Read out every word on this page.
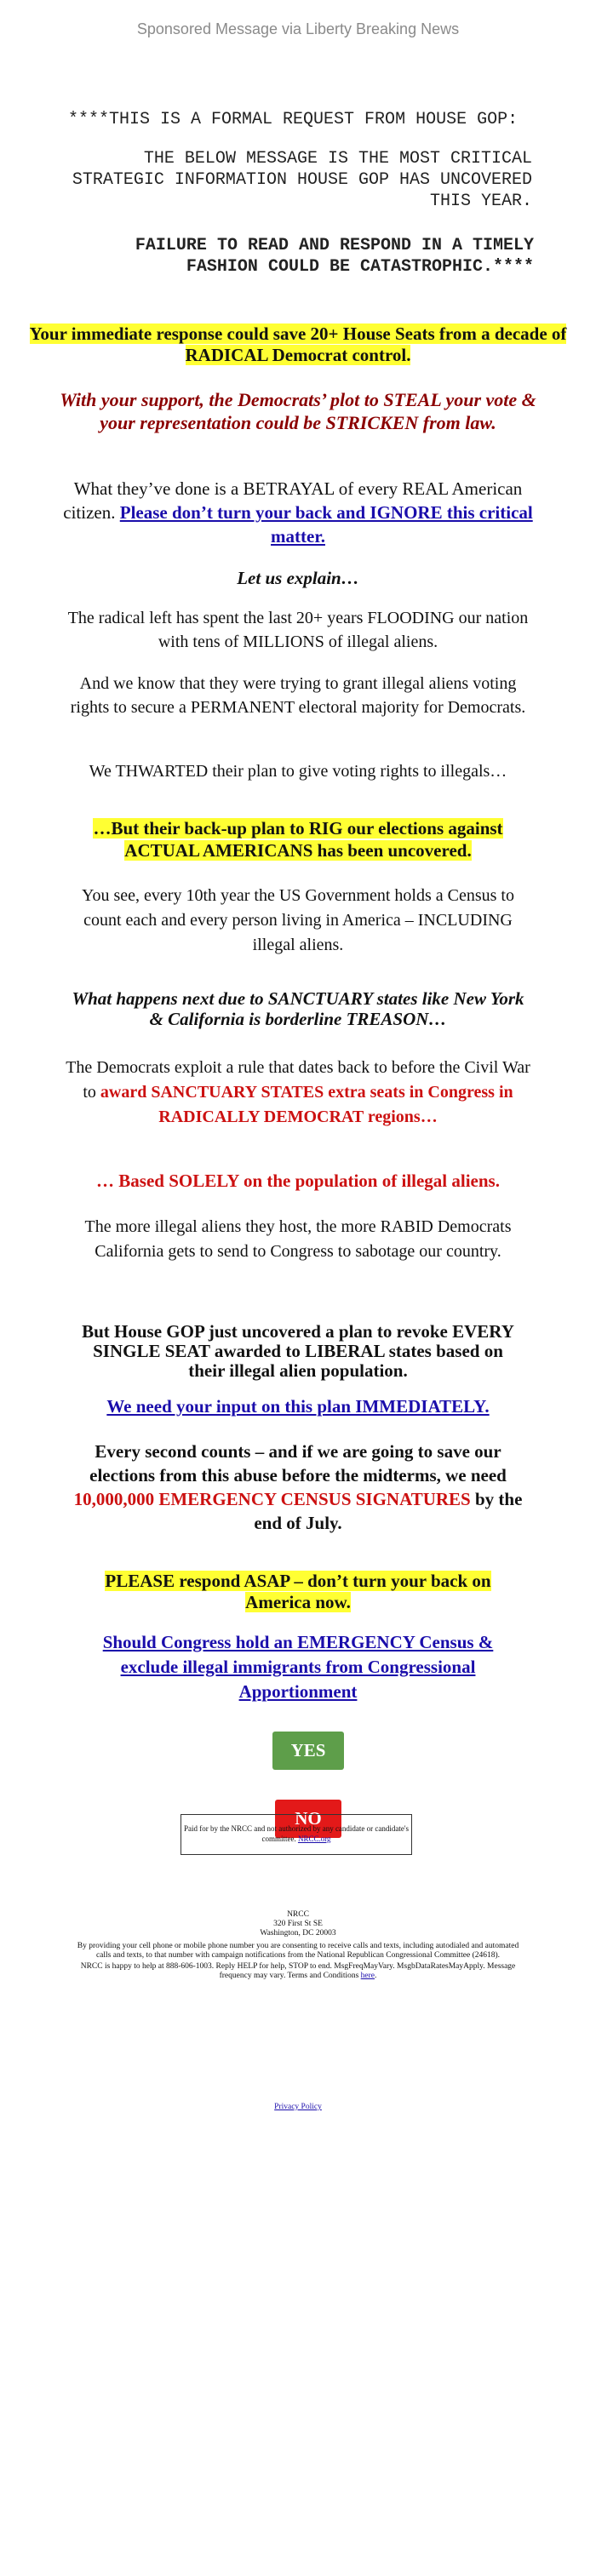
Sponsored Message via Liberty Breaking News
****THIS IS A FORMAL REQUEST FROM HOUSE GOP:
THE BELOW MESSAGE IS THE MOST CRITICAL STRATEGIC INFORMATION HOUSE GOP HAS UNCOVERED THIS YEAR.
FAILURE TO READ AND RESPOND IN A TIMELY FASHION COULD BE CATASTROPHIC.****
Your immediate response could save 20+ House Seats from a decade of RADICAL Democrat control.
With your support, the Democrats’ plot to STEAL your vote & your representation could be STRICKEN from law.
What they’ve done is a BETRAYAL of every REAL American citizen. Please don’t turn your back and IGNORE this critical matter.
Let us explain…
The radical left has spent the last 20+ years FLOODING our nation with tens of MILLIONS of illegal aliens.
And we know that they were trying to grant illegal aliens voting rights to secure a PERMANENT electoral majority for Democrats.
We THWARTED their plan to give voting rights to illegals…
…But their back-up plan to RIG our elections against ACTUAL AMERICANS has been uncovered.
You see, every 10th year the US Government holds a Census to count each and every person living in America – INCLUDING illegal aliens.
What happens next due to SANCTUARY states like New York & California is borderline TREASON…
The Democrats exploit a rule that dates back to before the Civil War to award SANCTUARY STATES extra seats in Congress in RADICALLY DEMOCRAT regions…
… Based SOLELY on the population of illegal aliens.
The more illegal aliens they host, the more RABID Democrats California gets to send to Congress to sabotage our country.
But House GOP just uncovered a plan to revoke EVERY SINGLE SEAT awarded to LIBERAL states based on their illegal alien population.
We need your input on this plan IMMEDIATELY.
Every second counts – and if we are going to save our elections from this abuse before the midterms, we need 10,000,000 EMERGENCY CENSUS SIGNATURES by the end of July.
PLEASE respond ASAP – don’t turn your back on America now.
Should Congress hold an EMERGENCY Census & exclude illegal immigrants from Congressional Apportionment
YES
NO
Paid for by the NRCC and not authorized by any candidate or candidate's committee. NRCC.org
NRCC
320 First St SE
Washington, DC 20003
By providing your cell phone or mobile phone number you are consenting to receive calls and texts, including autodialed and automated calls and texts, to that number with campaign notifications from the National Republican Congressional Committee (24618).
NRCC is happy to help at 888-606-1003. Reply HELP for help, STOP to end. MsgFreqMayVary. MsgbDataRatesMayApply. Message frequency may vary. Terms and Conditions here.
Privacy Policy
